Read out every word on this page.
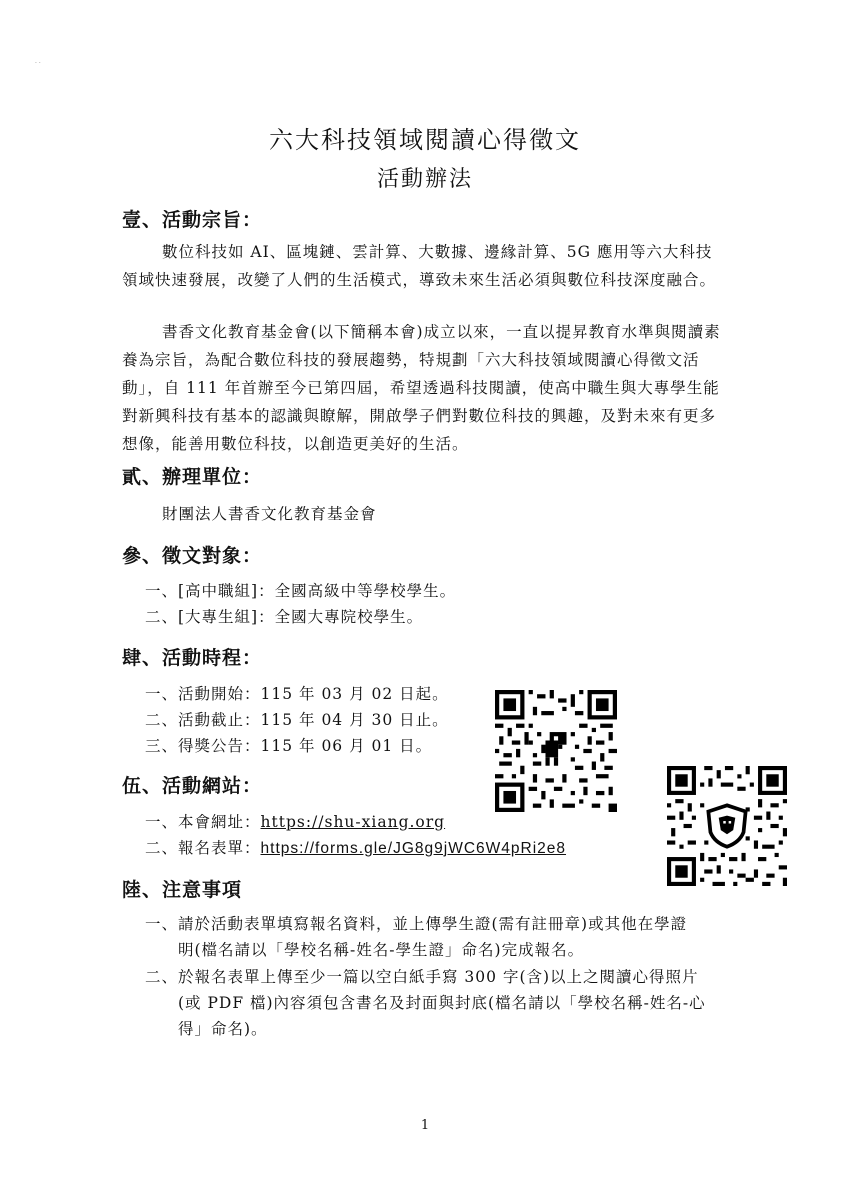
· ·
六大科技領域閱讀心得徵文
活動辦法
壹、活動宗旨：
數位科技如 AI、區塊鏈、雲計算、大數據、邊緣計算、5G 應用等六大科技領域快速發展，改變了人們的生活模式，導致未來生活必須與數位科技深度融合。
書香文化教育基金會(以下簡稱本會)成立以來，一直以提昇教育水準與閱讀素養為宗旨，為配合數位科技的發展趨勢，特規劃「六大科技領域閱讀心得徵文活動」，自 111 年首辦至今已第四屆，希望透過科技閱讀，使高中職生與大專學生能對新興科技有基本的認識與瞭解，開啟學子們對數位科技的興趣，及對未來有更多想像，能善用數位科技，以創造更美好的生活。
貳、辦理單位：
財團法人書香文化教育基金會
參、徵文對象：
一、[高中職組]：全國高級中等學校學生。
二、[大專生組]：全國大專院校學生。
肆、活動時程：
一、活動開始：115 年 03 月 02 日起。
二、活動截止：115 年 04 月 30 日止。
三、得獎公告：115 年 06 月 01 日。
伍、活動網站：
一、本會網址：https://shu-xiang.org
二、報名表單：https://forms.gle/JG8g9jWC6W4pRi2e8
陸、注意事項
一、請於活動表單填寫報名資料，並上傳學生證(需有註冊章)或其他在學證
明(檔名請以「學校名稱-姓名-學生證」命名)完成報名。
二、於報名表單上傳至少一篇以空白紙手寫 300 字(含)以上之閱讀心得照片
(或 PDF 檔)內容須包含書名及封面與封底(檔名請以「學校名稱-姓名-心
得」命名)。
1
